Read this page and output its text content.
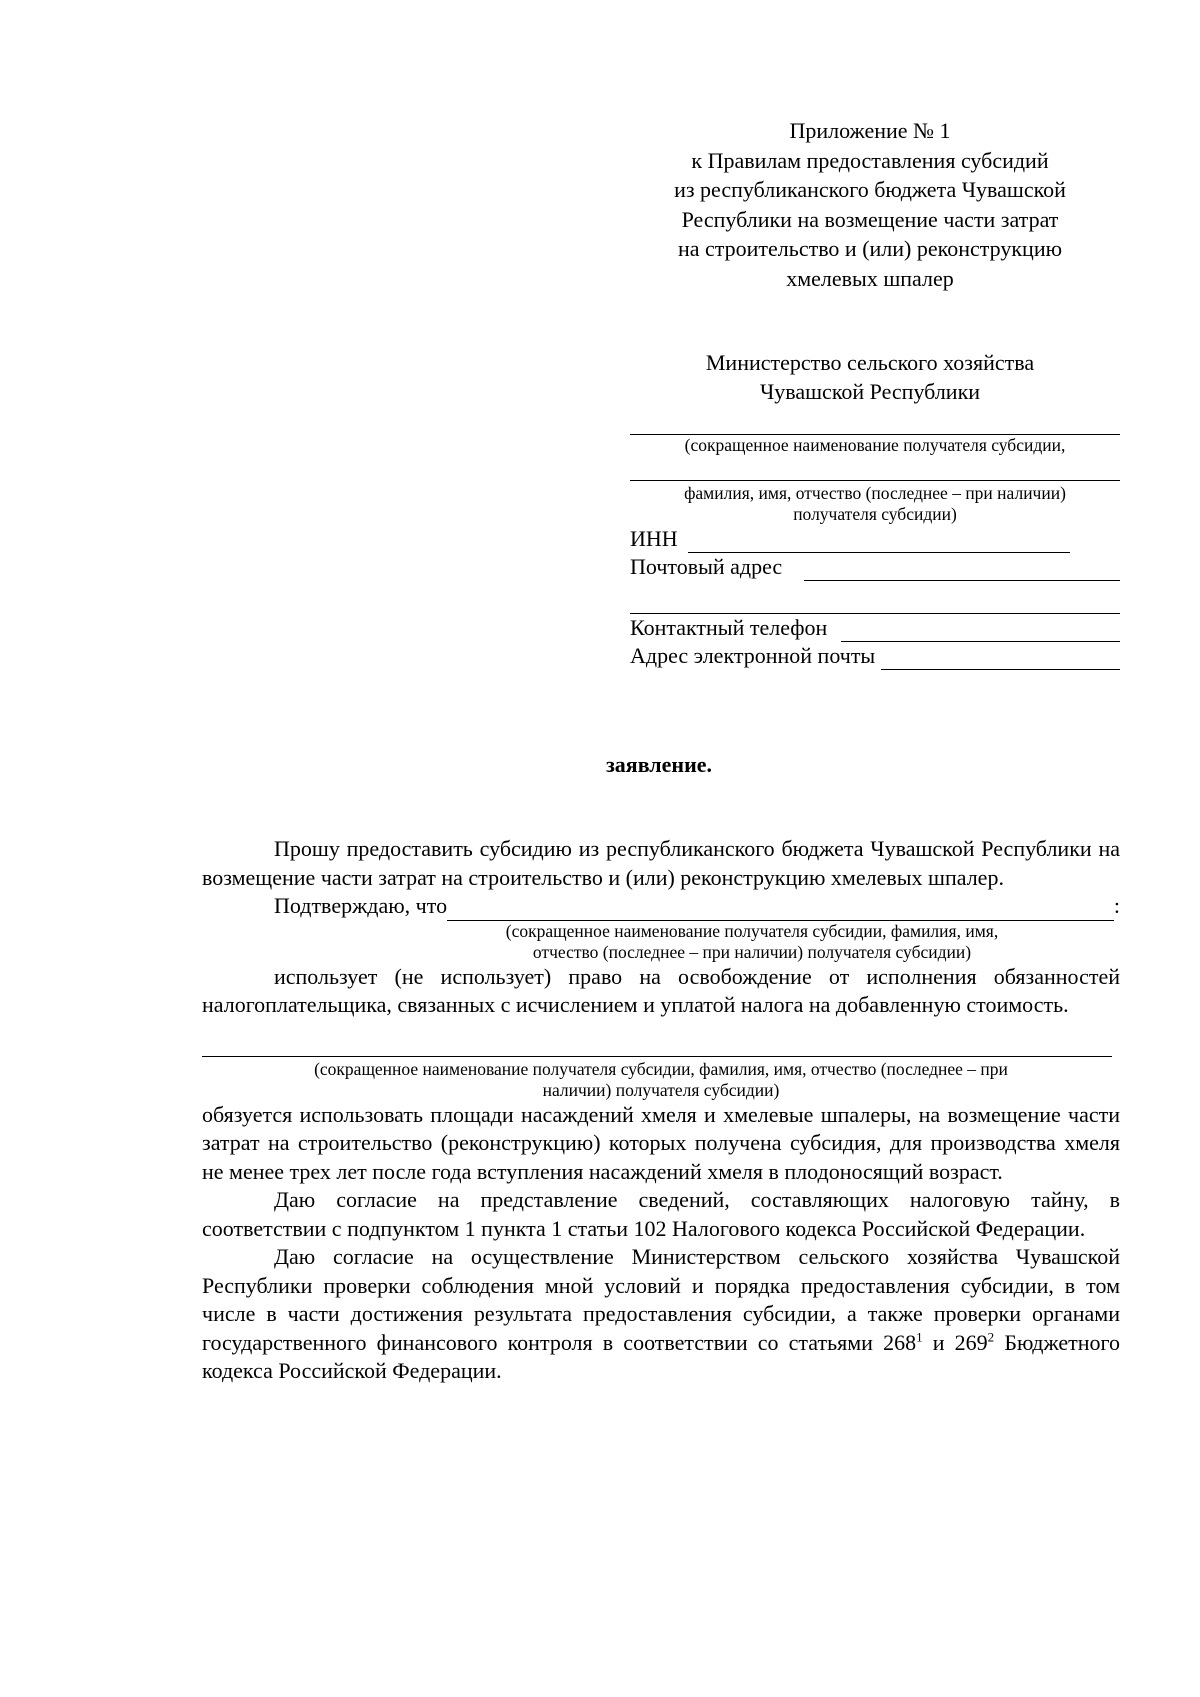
Приложение № 1
к Правилам предоставления субсидий
из республиканского бюджета Чувашской
Республики на возмещение части затрат
на строительство и (или) реконструкцию
хмелевых шпалер
Министерство сельского хозяйства
Чувашской Республики
(сокращенное наименование получателя субсидии,
фамилия, имя, отчество (последнее – при наличии)
получателя субсидии)
ИНН
Почтовый адрес
Контактный телефон
Адрес электронной почты
заявление.

Прошу предоставить субсидию из республиканского бюджета Чувашской Республики на возмещение части затрат на строительство и (или) реконструкцию хмелевых шпалер.

Подтверждаю, что	:
(сокращенное наименование получателя субсидии, фамилия, имя,
отчество (последнее – при наличии) получателя субсидии)

использует (не использует) право на освобождение от исполнения обязанностей налогоплательщика, связанных с исчислением и уплатой налога на добавленную стоимость.

(сокращенное наименование получателя субсидии, фамилия, имя, отчество (последнее – при
наличии) получателя субсидии)

обязуется использовать площади насаждений хмеля и хмелевые шпалеры, на возмещение части затрат на строительство (реконструкцию) которых получена субсидия, для производства хмеля не менее трех лет после года вступления насаждений хмеля в плодоносящий возраст.

Даю согласие на представление сведений, составляющих налоговую тайну, в соответствии с подпунктом 1 пункта 1 статьи 102 Налогового кодекса Российской Федерации.

Даю согласие на осуществление Министерством сельского хозяйства Чувашской Республики проверки соблюдения мной условий и порядка предоставления субсидии, в том числе в части достижения результата предоставления субсидии, а также проверки органами государственного финансового контроля в соответствии со статьями $268^1$ и $269^2$ Бюджетного кодекса Российской Федерации.
